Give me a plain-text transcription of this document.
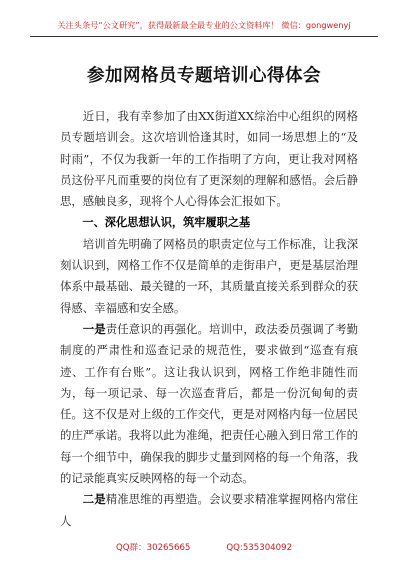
关注头条号“公文研究”，获得最新最全最专业的公文资料库！ 微信：gongwenyj
参加网格员专题培训心得体会

近日，我有幸参加了由XX街道XX综治中心组织的网格员专题培训会。这次培训恰逢其时，如同一场思想上的“及时雨”，不仅为我新一年的工作指明了方向，更让我对网格员这份平凡而重要的岗位有了更深刻的理解和感悟。会后静思，感触良多，现将个人心得体会汇报如下。

一、深化思想认识，筑牢履职之基

培训首先明确了网格员的职责定位与工作标准，让我深刻认识到，网格工作不仅是简单的走街串户，更是基层治理体系中最基础、最关键的一环，其质量直接关系到群众的获得感、幸福感和安全感。

一是责任意识的再强化。培训中，政法委员强调了考勤制度的严肃性和巡查记录的规范性，要求做到“巡查有痕迹、工作有台账”。这让我认识到，网格工作绝非随性而为，每一项记录、每一次巡查背后，都是一份沉甸甸的责任。这不仅是对上级的工作交代，更是对网格内每一位居民的庄严承诺。我将以此为准绳，把责任心融入到日常工作的每一个细节中，确保我的脚步丈量到网格的每一个角落，我的记录能真实反映网格的每一个动态。

二是精准思维的再塑造。会议要求精准掌握网格内常住人

QQ群：30265665	QQ:535304092
